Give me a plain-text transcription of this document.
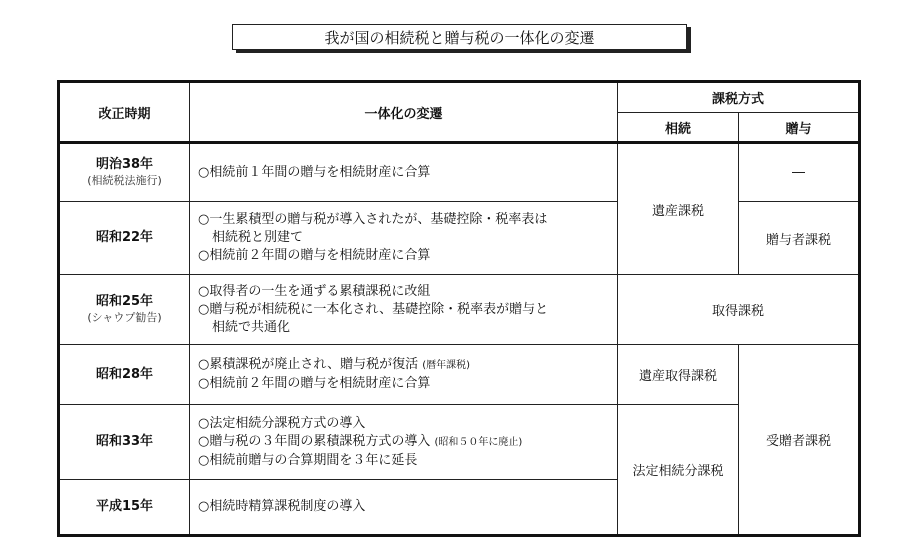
我が国の相続税と贈与税の一体化の変遷
改正時期	一体化の変遷	課税方式	
		相続	贈与
明治38年
(相続税法施行)	○相続前１年間の贈与を相続財産に合算	遺産課税	―
昭和22年	○一生累積型の贈与税が導入されたが、基礎控除・税率表は
相続税と別建て
○相続前２年間の贈与を相続財産に合算		贈与者課税
昭和25年
(シャウプ勧告)	○取得者の一生を通ずる累積課税に改組
○贈与税が相続税に一本化され、基礎控除・税率表が贈与と
相続で共通化	取得課税	
昭和28年	○累積課税が廃止され、贈与税が復活 (暦年課税)
○相続前２年間の贈与を相続財産に合算	遺産取得課税	受贈者課税
昭和33年	○法定相続分課税方式の導入
○贈与税の３年間の累積課税方式の導入 (昭和５０年に廃止)
○相続前贈与の合算期間を３年に延長	法定相続分課税	
平成15年	○相続時精算課税制度の導入		
